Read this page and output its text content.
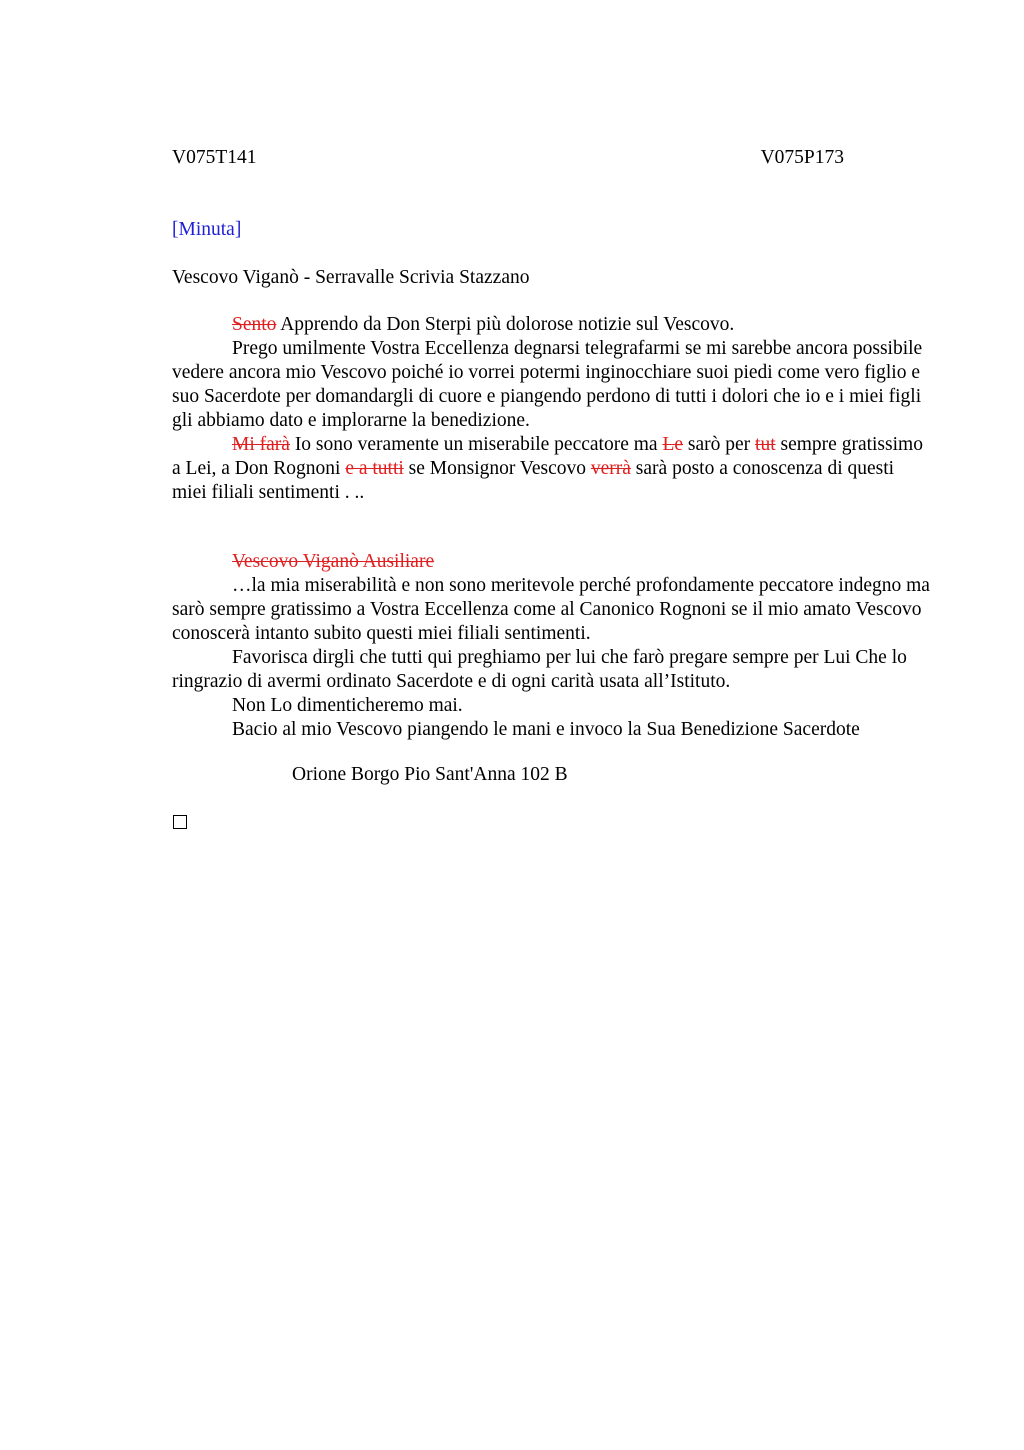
V075T141	V075P173
[Minuta]
Vescovo Viganò - Serravalle Scrivia Stazzano

Sento Apprendo da Don Sterpi più dolorose notizie sul Vescovo.

Prego umilmente Vostra Eccellenza degnarsi telegrafarmi se mi sarebbe ancora possibile vedere ancora mio Vescovo poiché io vorrei potermi inginocchiare suoi piedi come vero figlio e suo Sacerdote per domandargli di cuore e piangendo perdono di tutti i dolori che io e i miei figli gli abbiamo dato e implorarne la benedizione.

Mi farà Io sono veramente un miserabile peccatore ma Le sarò per tut sempre gratissimo a Lei, a Don Rognoni e a tutti se Monsignor Vescovo verrà sarà posto a conoscenza di questi miei filiali sentimenti . ..

Vescovo Viganò Ausiliare

…la mia miserabilità e non sono meritevole perché profondamente peccatore indegno ma sarò sempre gratissimo a Vostra Eccellenza come al Canonico Rognoni se il mio amato Vescovo conoscerà intanto subito questi miei filiali sentimenti.

Favorisca dirgli che tutti qui preghiamo per lui che farò pregare sempre per Lui Che lo ringrazio di avermi ordinato Sacerdote e di ogni carità usata all’Istituto.

Non Lo dimenticheremo mai.

Bacio al mio Vescovo piangendo le mani e invoco la Sua Benedizione Sacerdote

Orione Borgo Pio Sant'Anna 102 B
